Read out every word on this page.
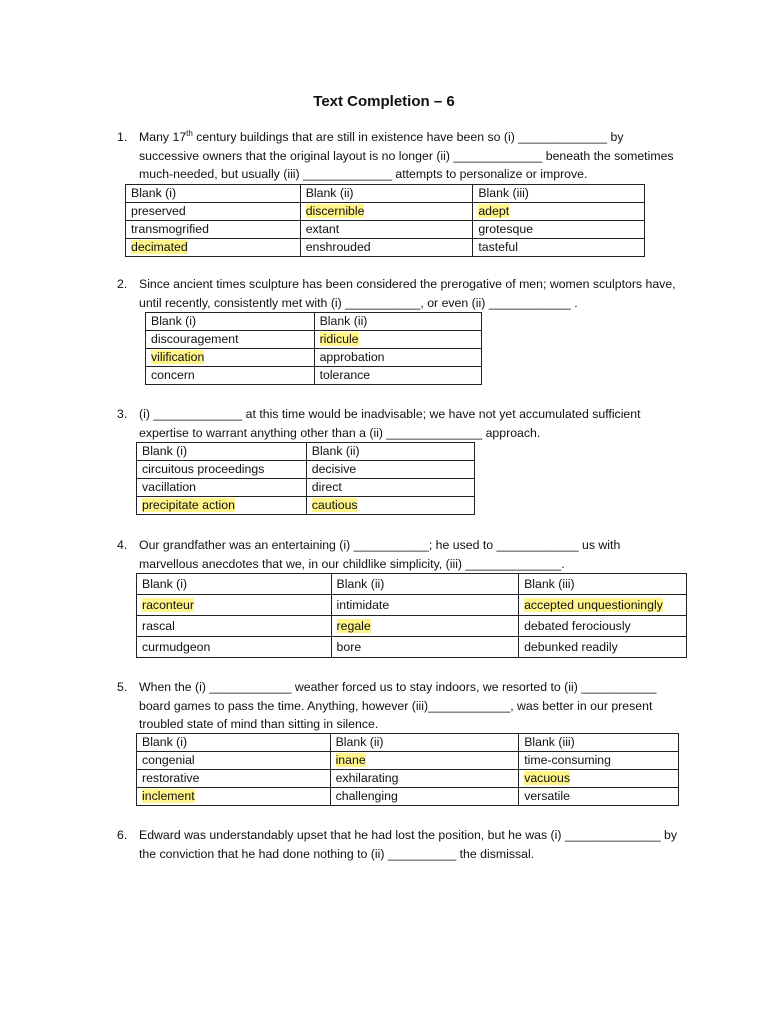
Text Completion – 6
1. Many 17th century buildings that are still in existence have been so (i) _____________ by successive owners that the original layout is no longer (ii) _____________ beneath the sometimes much-needed, but usually (iii) _____________ attempts to personalize or improve.
Blank (i)	Blank (ii)	Blank (iii)
preserved	discernible	adept
transmogrified	extant	grotesque
decimated	enshrouded	tasteful
2. Since ancient times sculpture has been considered the prerogative of men; women sculptors have, until recently, consistently met with (i) ___________, or even (ii) ____________ .
Blank (i)	Blank (ii)
discouragement	ridicule
vilification	approbation
concern	tolerance
3. (i) _____________ at this time would be inadvisable; we have not yet accumulated sufficient expertise to warrant anything other than a (ii) ______________ approach.
Blank (i)	Blank (ii)
circuitous proceedings	decisive
vacillation	direct
precipitate action	cautious
4. Our grandfather was an entertaining (i) ___________; he used to ____________ us with marvellous anecdotes that we, in our childlike simplicity, (iii) ______________.
Blank (i)	Blank (ii)	Blank (iii)
raconteur	intimidate	accepted unquestioningly
rascal	regale	debated ferociously
curmudgeon	bore	debunked readily
5. When the (i) ____________ weather forced us to stay indoors, we resorted to (ii) ___________ board games to pass the time. Anything, however (iii)____________, was better in our present troubled state of mind than sitting in silence.
Blank (i)	Blank (ii)	Blank (iii)
congenial	inane	time-consuming
restorative	exhilarating	vacuous
inclement	challenging	versatile
6. Edward was understandably upset that he had lost the position, but he was (i) ______________ by the conviction that he had done nothing to (ii) __________ the dismissal.
